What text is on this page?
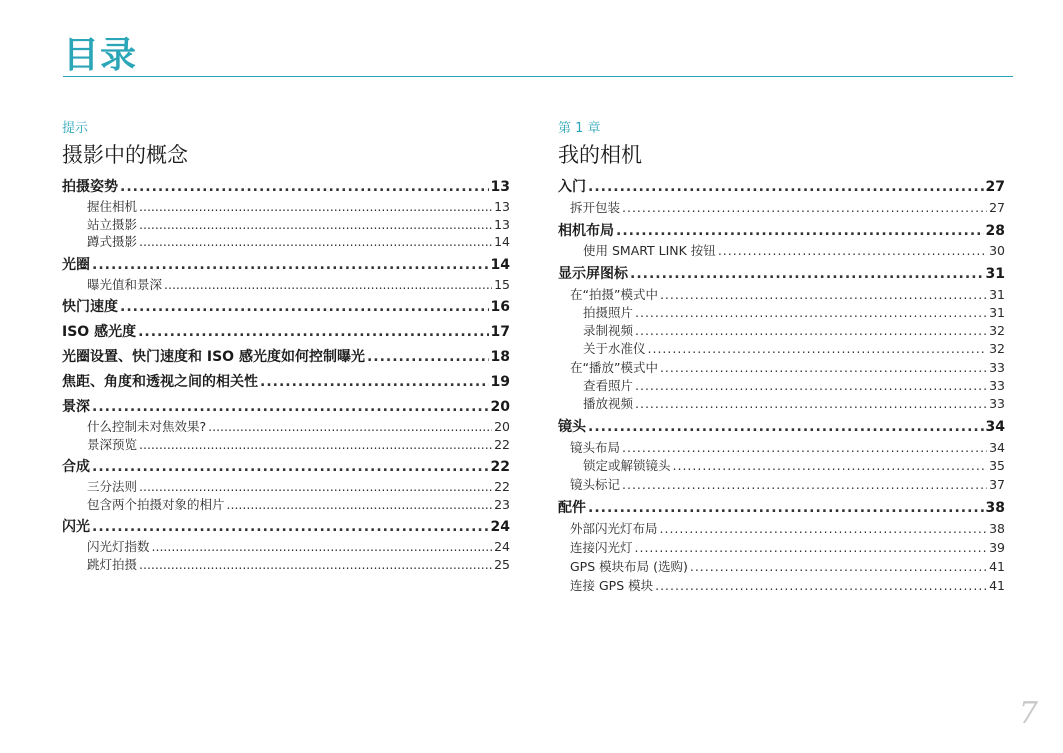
目录
提示
摄影中的概念
拍摄姿势 .....	13
握住相机 .....	13
站立摄影 .....	13
蹲式摄影 .....	14
光圈 .....	14
曝光值和景深 .....	15
快门速度 .....	16
ISO 感光度 .....	17
光圈设置、快门速度和 ISO 感光度如何控制曝光 .....	18
焦距、角度和透视之间的相关性 .....	19
景深 .....	20
什么控制未对焦效果? .....	20
景深预览 .....	22
合成 .....	22
三分法则 .....	22
包含两个拍摄对象的相片 .....	23
闪光 .....	24
闪光灯指数 .....	24
跳灯拍摄 .....	25
第 1 章
我的相机
入门 .....	27
拆开包装 .....	27
相机布局 .....	28
使用 SMART LINK 按钮 .....	30
显示屏图标 .....	31
在“拍摄”模式中 .....	31
拍摄照片 .....	31
录制视频 .....	32
关于水准仪 .....	32
在“播放”模式中 .....	33
查看照片 .....	33
播放视频 .....	33
镜头 .....	34
镜头布局 .....	34
锁定或解锁镜头 .....	35
镜头标记 .....	37
配件 .....	38
外部闪光灯布局 .....	38
连接闪光灯 .....	39
GPS 模块布局 (选购) .....	41
连接 GPS 模块 .....	41
7
